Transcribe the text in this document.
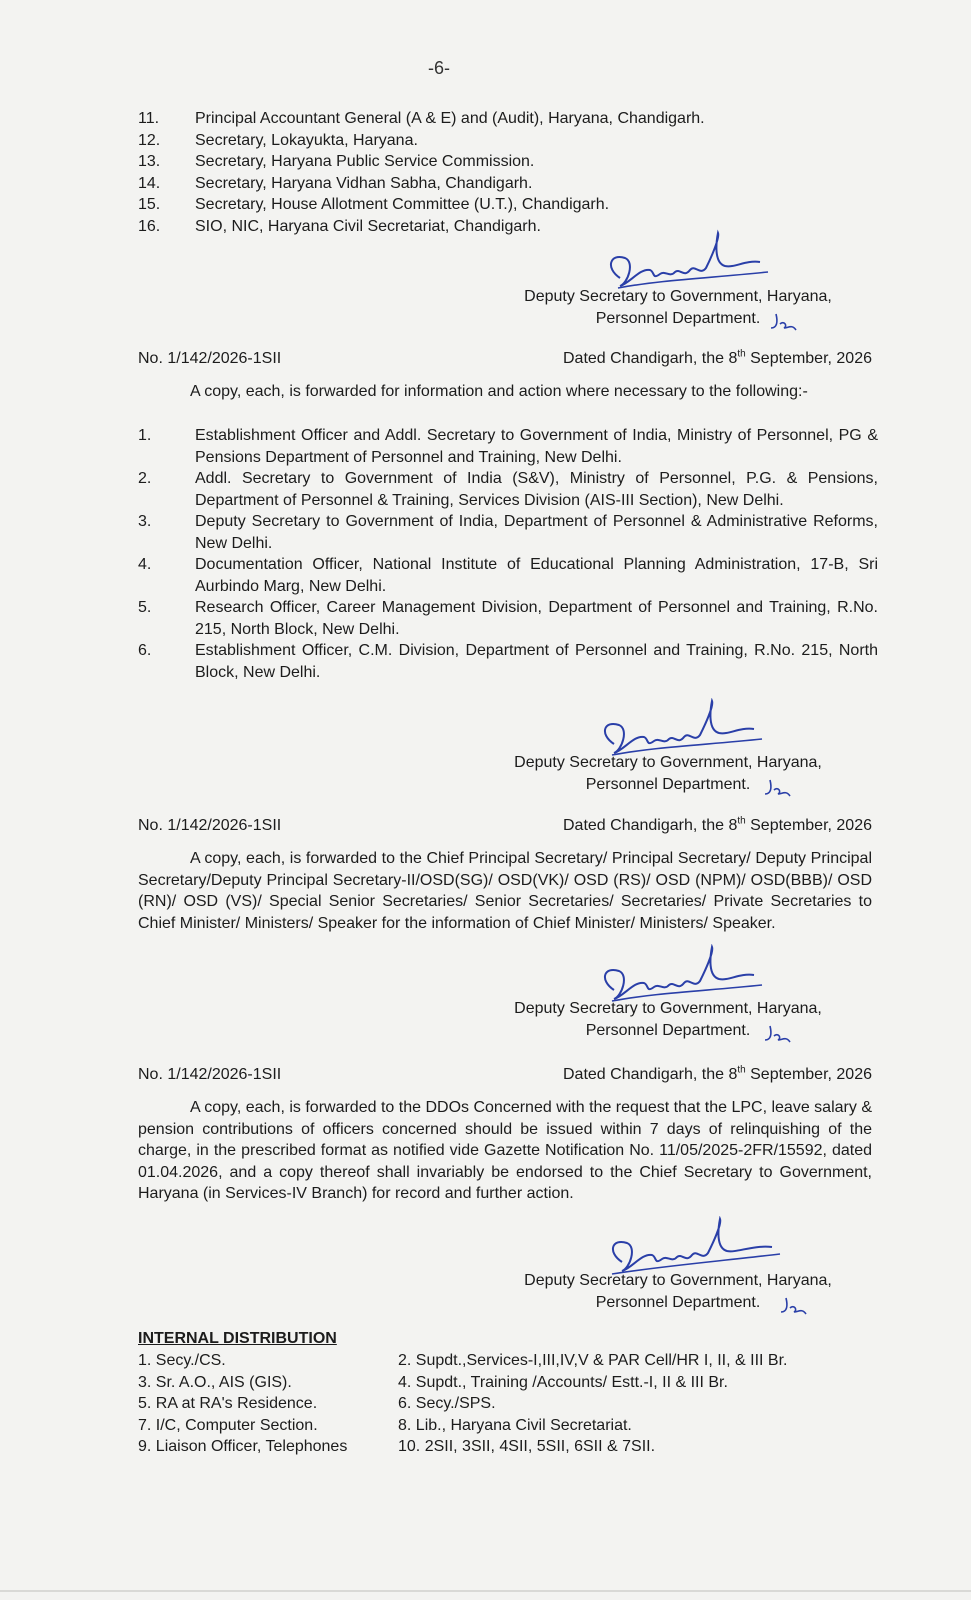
-6-
11.	Principal Accountant General (A & E) and (Audit), Haryana, Chandigarh.
12.	Secretary, Lokayukta, Haryana.
13.	Secretary, Haryana Public Service Commission.
14.	Secretary, Haryana Vidhan Sabha, Chandigarh.
15.	Secretary, House Allotment Committee (U.T.), Chandigarh.
16.	SIO, NIC, Haryana Civil Secretariat, Chandigarh.
Deputy Secretary to Government, Haryana,
Personnel Department.
No. 1/142/2026-1SII	Dated Chandigarh, the 8th September, 2026
A copy, each, is forwarded for information and action where necessary to the following:-
1.	Establishment Officer and Addl. Secretary to Government of India, Ministry of Personnel, PG & Pensions Department of Personnel and Training, New Delhi.
2.	Addl. Secretary to Government of India (S&V), Ministry of Personnel, P.G. & Pensions, Department of Personnel & Training, Services Division (AIS-III Section), New Delhi.
3.	Deputy Secretary to Government of India, Department of Personnel & Administrative Reforms, New Delhi.
4.	Documentation Officer, National Institute of Educational Planning Administration, 17-B, Sri Aurbindo Marg, New Delhi.
5.	Research Officer, Career Management Division, Department of Personnel and Training, R.No. 215, North Block, New Delhi.
6.	Establishment Officer, C.M. Division, Department of Personnel and Training, R.No. 215, North Block, New Delhi.
Deputy Secretary to Government, Haryana,
Personnel Department.
No. 1/142/2026-1SII	Dated Chandigarh, the 8th September, 2026
A copy, each, is forwarded to the Chief Principal Secretary/ Principal Secretary/ Deputy Principal Secretary/Deputy Principal Secretary-II/OSD(SG)/ OSD(VK)/ OSD (RS)/ OSD (NPM)/ OSD(BBB)/ OSD (RN)/ OSD (VS)/ Special Senior Secretaries/ Senior Secretaries/ Secretaries/ Private Secretaries to Chief Minister/ Ministers/ Speaker for the information of Chief Minister/ Ministers/ Speaker.
Deputy Secretary to Government, Haryana,
Personnel Department.
No. 1/142/2026-1SII	Dated Chandigarh, the 8th September, 2026
A copy, each, is forwarded to the DDOs Concerned with the request that the LPC, leave salary & pension contributions of officers concerned should be issued within 7 days of relinquishing of the charge, in the prescribed format as notified vide Gazette Notification No. 11/05/2025-2FR/15592, dated 01.04.2026, and a copy thereof shall invariably be endorsed to the Chief Secretary to Government, Haryana (in Services-IV Branch) for record and further action.
Deputy Secretary to Government, Haryana,
Personnel Department.
INTERNAL DISTRIBUTION
1. Secy./CS.	2. Supdt.,Services-I,III,IV,V & PAR Cell/HR I, II, & III Br.
3. Sr. A.O., AIS (GIS).	4. Supdt., Training /Accounts/ Estt.-I, II & III Br.
5. RA at RA's Residence.	6. Secy./SPS.
7. I/C, Computer Section.	8. Lib., Haryana Civil Secretariat.
9. Liaison Officer, Telephones	10. 2SII, 3SII, 4SII, 5SII, 6SII & 7SII.
